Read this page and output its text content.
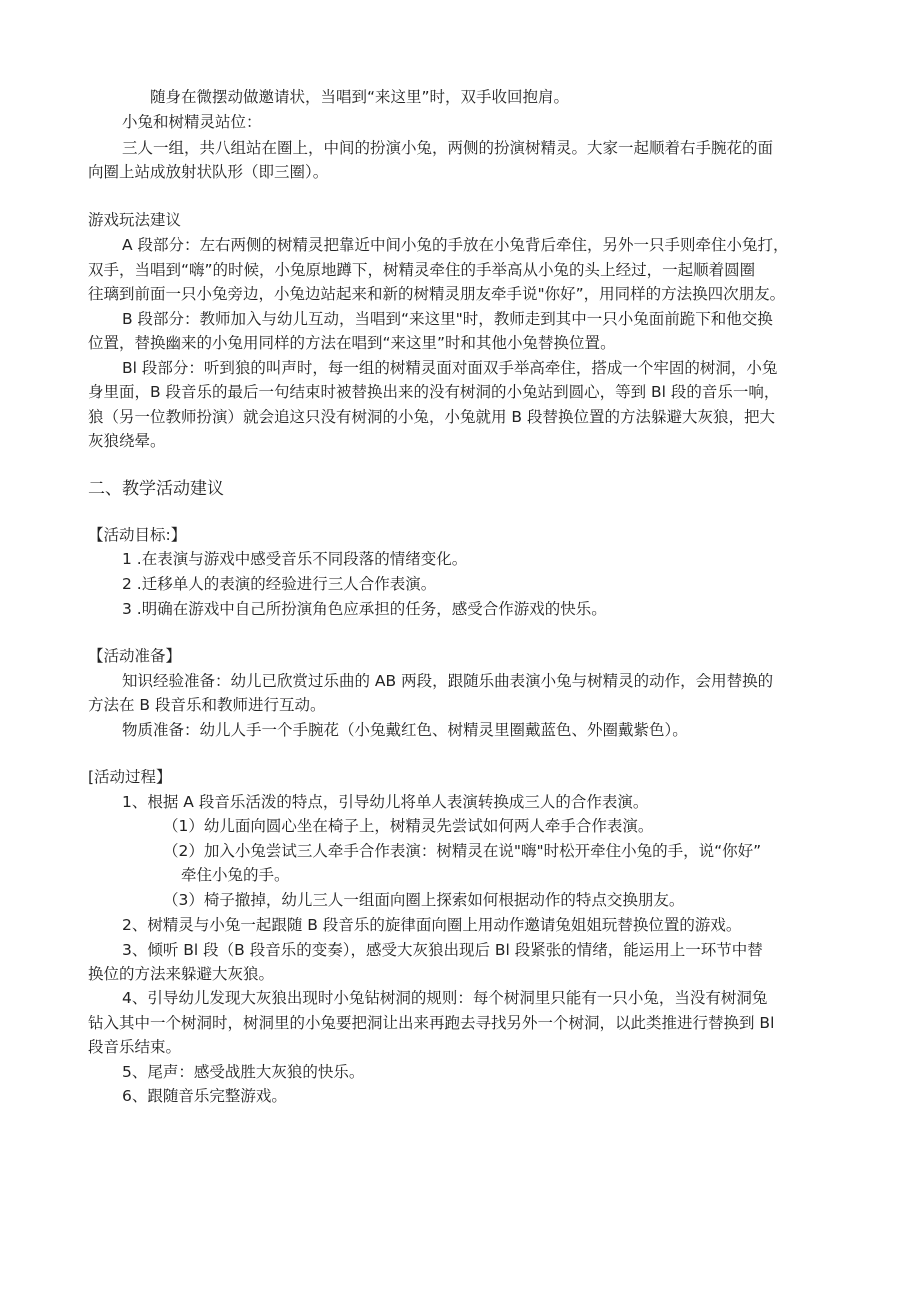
随身在微摆动做邀请状，当唱到“来这里”时，双手收回抱肩。
小兔和树精灵站位：
三人一组，共八组站在圈上，中间的扮演小兔，两侧的扮演树精灵。大家一起顺着右手腕花的面
向圈上站成放射状队形（即三圈）。
游戏玩法建议
A 段部分：左右两侧的树精灵把靠近中间小兔的手放在小兔背后牵住，另外一只手则牵住小兔打，
双手，当唱到“嗨”的时候，小兔原地蹲下，树精灵牵住的手举高从小兔的头上经过，一起顺着圆圈
往璃到前面一只小兔旁边，小兔边站起来和新的树精灵朋友牵手说"你好”，用同样的方法换四次朋友。
B 段部分：教师加入与幼儿互动，当唱到“来这里"时，教师走到其中一只小兔面前跪下和他交换
位置，替换幽来的小兔用同样的方法在唱到“来这里”时和其他小兔替换位置。
Bl 段部分：听到狼的叫声时，每一组的树精灵面对面双手举高牵住，搭成一个牢固的树洞，小兔
身里面，B 段音乐的最后一句结束时被替换出来的没有树洞的小兔站到圆心，等到 Bl 段的音乐一响，
狼（另一位教师扮演）就会追这只没有树洞的小兔，小兔就用 B 段替换位置的方法躲避大灰狼，把大
灰狼绕晕。
二、教学活动建议
【活动目标:】
1 .在表演与游戏中感受音乐不同段落的情绪变化。
2 .迁移单人的表演的经验进行三人合作表演。
3 .明确在游戏中自己所扮演角色应承担的任务，感受合作游戏的快乐。
【活动准备】
知识经验准备：幼儿已欣赏过乐曲的 AB 两段，跟随乐曲表演小兔与树精灵的动作，会用替换的
方法在 B 段音乐和教师进行互动。
物质准备：幼儿人手一个手腕花（小兔戴红色、树精灵里圈戴蓝色、外圈戴紫色）。
[活动过程】
1、根据 A 段音乐活泼的特点，引导幼儿将单人表演转换成三人的合作表演。
（1）幼儿面向圆心坐在椅子上，树精灵先尝试如何两人牵手合作表演。
（2）加入小兔尝试三人牵手合作表演：树精灵在说"嗨"时松开牵住小兔的手，说“你好”
牵住小兔的手。
（3）椅子撤掉，幼儿三人一组面向圈上探索如何根据动作的特点交换朋友。
2、树精灵与小兔一起跟随 B 段音乐的旋律面向圈上用动作邀请兔姐姐玩替换位置的游戏。
3、倾听 Bl 段（B 段音乐的变奏），感受大灰狼出现后 Bl 段紧张的情绪，能运用上一环节中替
换位的方法来躲避大灰狼。
4、引导幼儿发现大灰狼出现时小兔钻树洞的规则：每个树洞里只能有一只小兔，当没有树洞兔
钻入其中一个树洞时，树洞里的小兔要把洞让出来再跑去寻找另外一个树洞，以此类推进行替换到 Bl
段音乐结束。
5、尾声：感受战胜大灰狼的快乐。
6、跟随音乐完整游戏。
